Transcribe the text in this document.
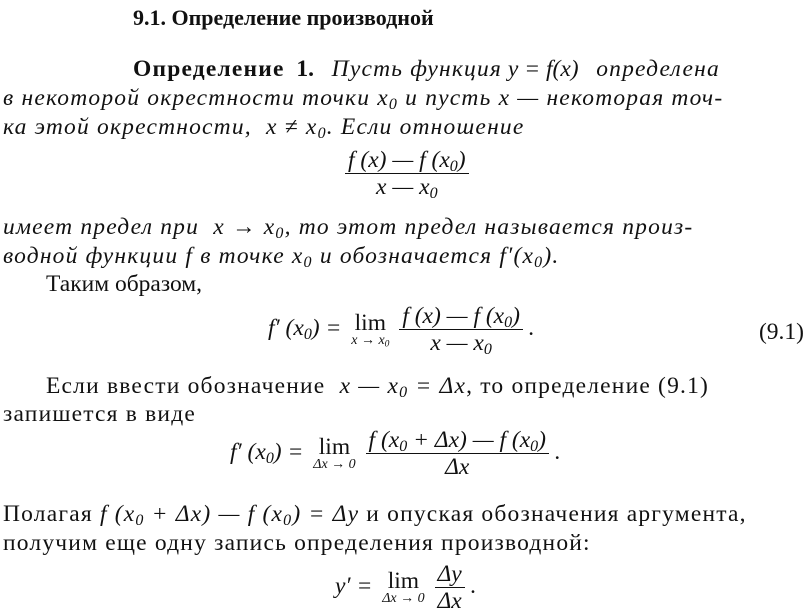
9.1. Определение производной
Определение 1. Пусть функция y = f(x) определена
в некоторой окрестности точки $x_0$ и пусть x — некоторая точ-
ка этой окрестности, $x \ne x_0$. Если отношение
$\frac{f (x) — f (x_0)}{x — x_0}$
имеет предел при $x \to x_0$, то этот предел называется произ-
водной функции f в точке $x_0$ и обозначается $f'(x_0)$.
Таким образом,
f′ $(x_0) = \lim$
$x \to x_0$
$\frac{f (x) — f (x_0)}{x — x_0}$ .	(9.1)
Если ввести обозначение x — $x_0 = \Delta x$, то определение (9.1)
запишется в виде
f′ $(x_0) = \lim$
Δx → 0
$\frac{f (x_0 + \Delta x) — f (x_0)}{\Delta x}$ .
Полагая f $(x_0 + \Delta x)$ — f $(x_0) = \Delta y$ и опуская обозначения аргумента,
получим еще одну запись определения производной:
y′ = lim
Δx → 0
$\frac{\Delta y}{\Delta x}$ .
